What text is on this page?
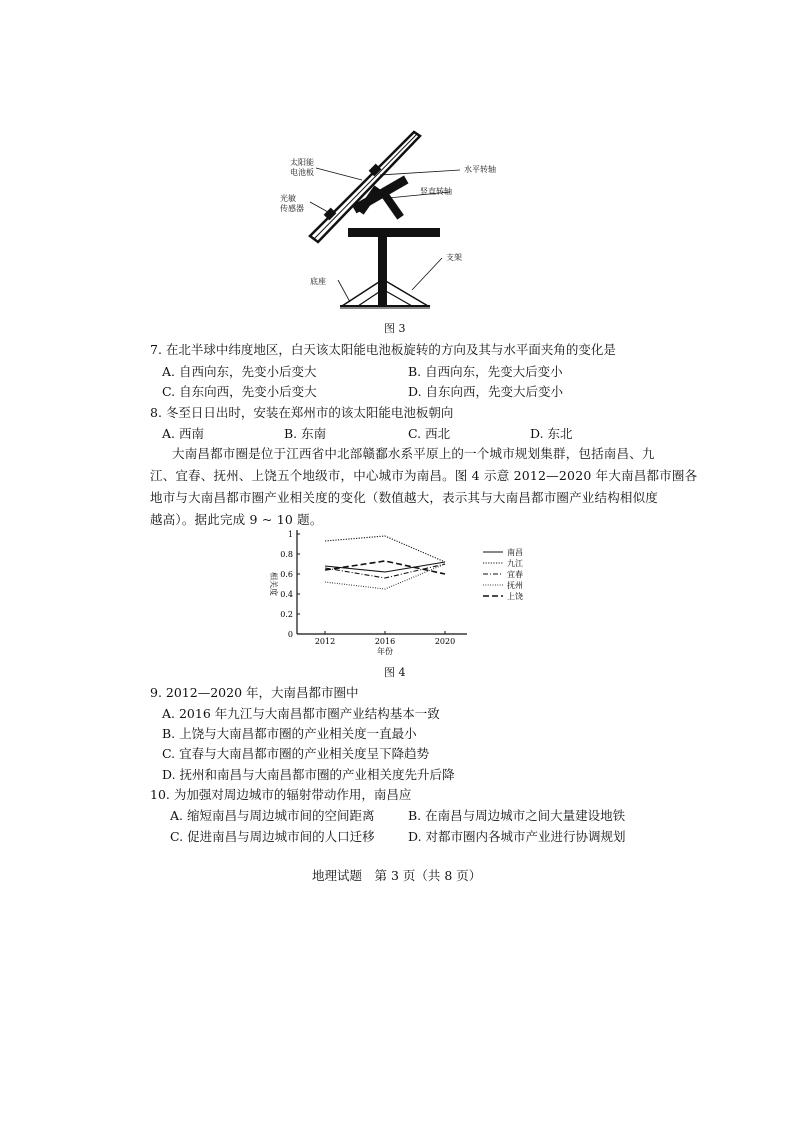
太阳能
电池板
光敏
传感器
水平转轴
竖直转轴
支架
底座
图 3
7. 在北半球中纬度地区，白天该太阳能电池板旋转的方向及其与水平面夹角的变化是
A. 自西向东，先变小后变大	B. 自西向东，先变大后变小
C. 自东向西，先变小后变大	D. 自东向西，先变大后变小
8. 冬至日日出时，安装在郑州市的该太阳能电池板朝向
A. 西南	B. 东南	C. 西北	D. 东北
大南昌都市圈是位于江西省中北部赣鄱水系平原上的一个城市规划集群，包括南昌、九
江、宜春、抚州、上饶五个地级市，中心城市为南昌。图 4 示意 2012—2020 年大南昌都市圈各
地市与大南昌都市圈产业相关度的变化（数值越大，表示其与大南昌都市圈产业结构相似度
越高）。据此完成 9 ~ 10 题。
0
0.2
0.4
0.6
0.8
1
2012	2016	2020
年份
相关度
南昌
九江
宜春
抚州
上饶
图 4
9. 2012—2020 年，大南昌都市圈中
A. 2016 年九江与大南昌都市圈产业结构基本一致
B. 上饶与大南昌都市圈的产业相关度一直最小
C. 宜春与大南昌都市圈的产业相关度呈下降趋势
D. 抚州和南昌与大南昌都市圈的产业相关度先升后降
10. 为加强对周边城市的辐射带动作用，南昌应
A. 缩短南昌与周边城市间的空间距离	B. 在南昌与周边城市之间大量建设地铁
C. 促进南昌与周边城市间的人口迁移	D. 对都市圈内各城市产业进行协调规划
地理试题　第 3 页（共 8 页）
